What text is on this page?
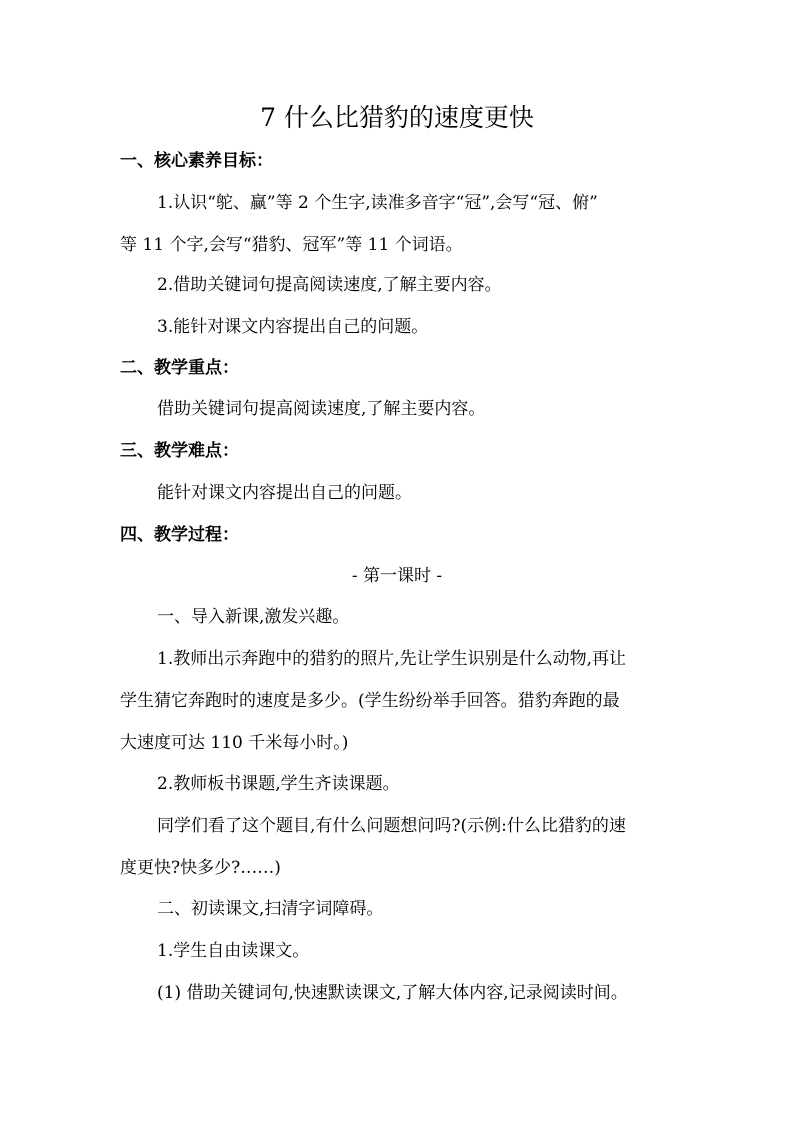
7 什么比猎豹的速度更快
一、核心素养目标：
1.认识“鸵、赢”等 2 个生字,读准多音字“冠”,会写“冠、俯”
等 11 个字,会写“猎豹、冠军”等 11 个词语。
2.借助关键词句提高阅读速度,了解主要内容。
3.能针对课文内容提出自己的问题。
二、教学重点：
借助关键词句提高阅读速度,了解主要内容。
三、教学难点：
能针对课文内容提出自己的问题。
四、教学过程：
- 第一课时 -
一、导入新课,激发兴趣。
1.教师出示奔跑中的猎豹的照片,先让学生识别是什么动物,再让
学生猜它奔跑时的速度是多少。(学生纷纷举手回答。猎豹奔跑的最
大速度可达 110 千米每小时。)
2.教师板书课题,学生齐读课题。
同学们看了这个题目,有什么问题想问吗?(示例:什么比猎豹的速
度更快?快多少?……)
二、初读课文,扫清字词障碍。
1.学生自由读课文。
(1) 借助关键词句,快速默读课文,了解大体内容,记录阅读时间。
